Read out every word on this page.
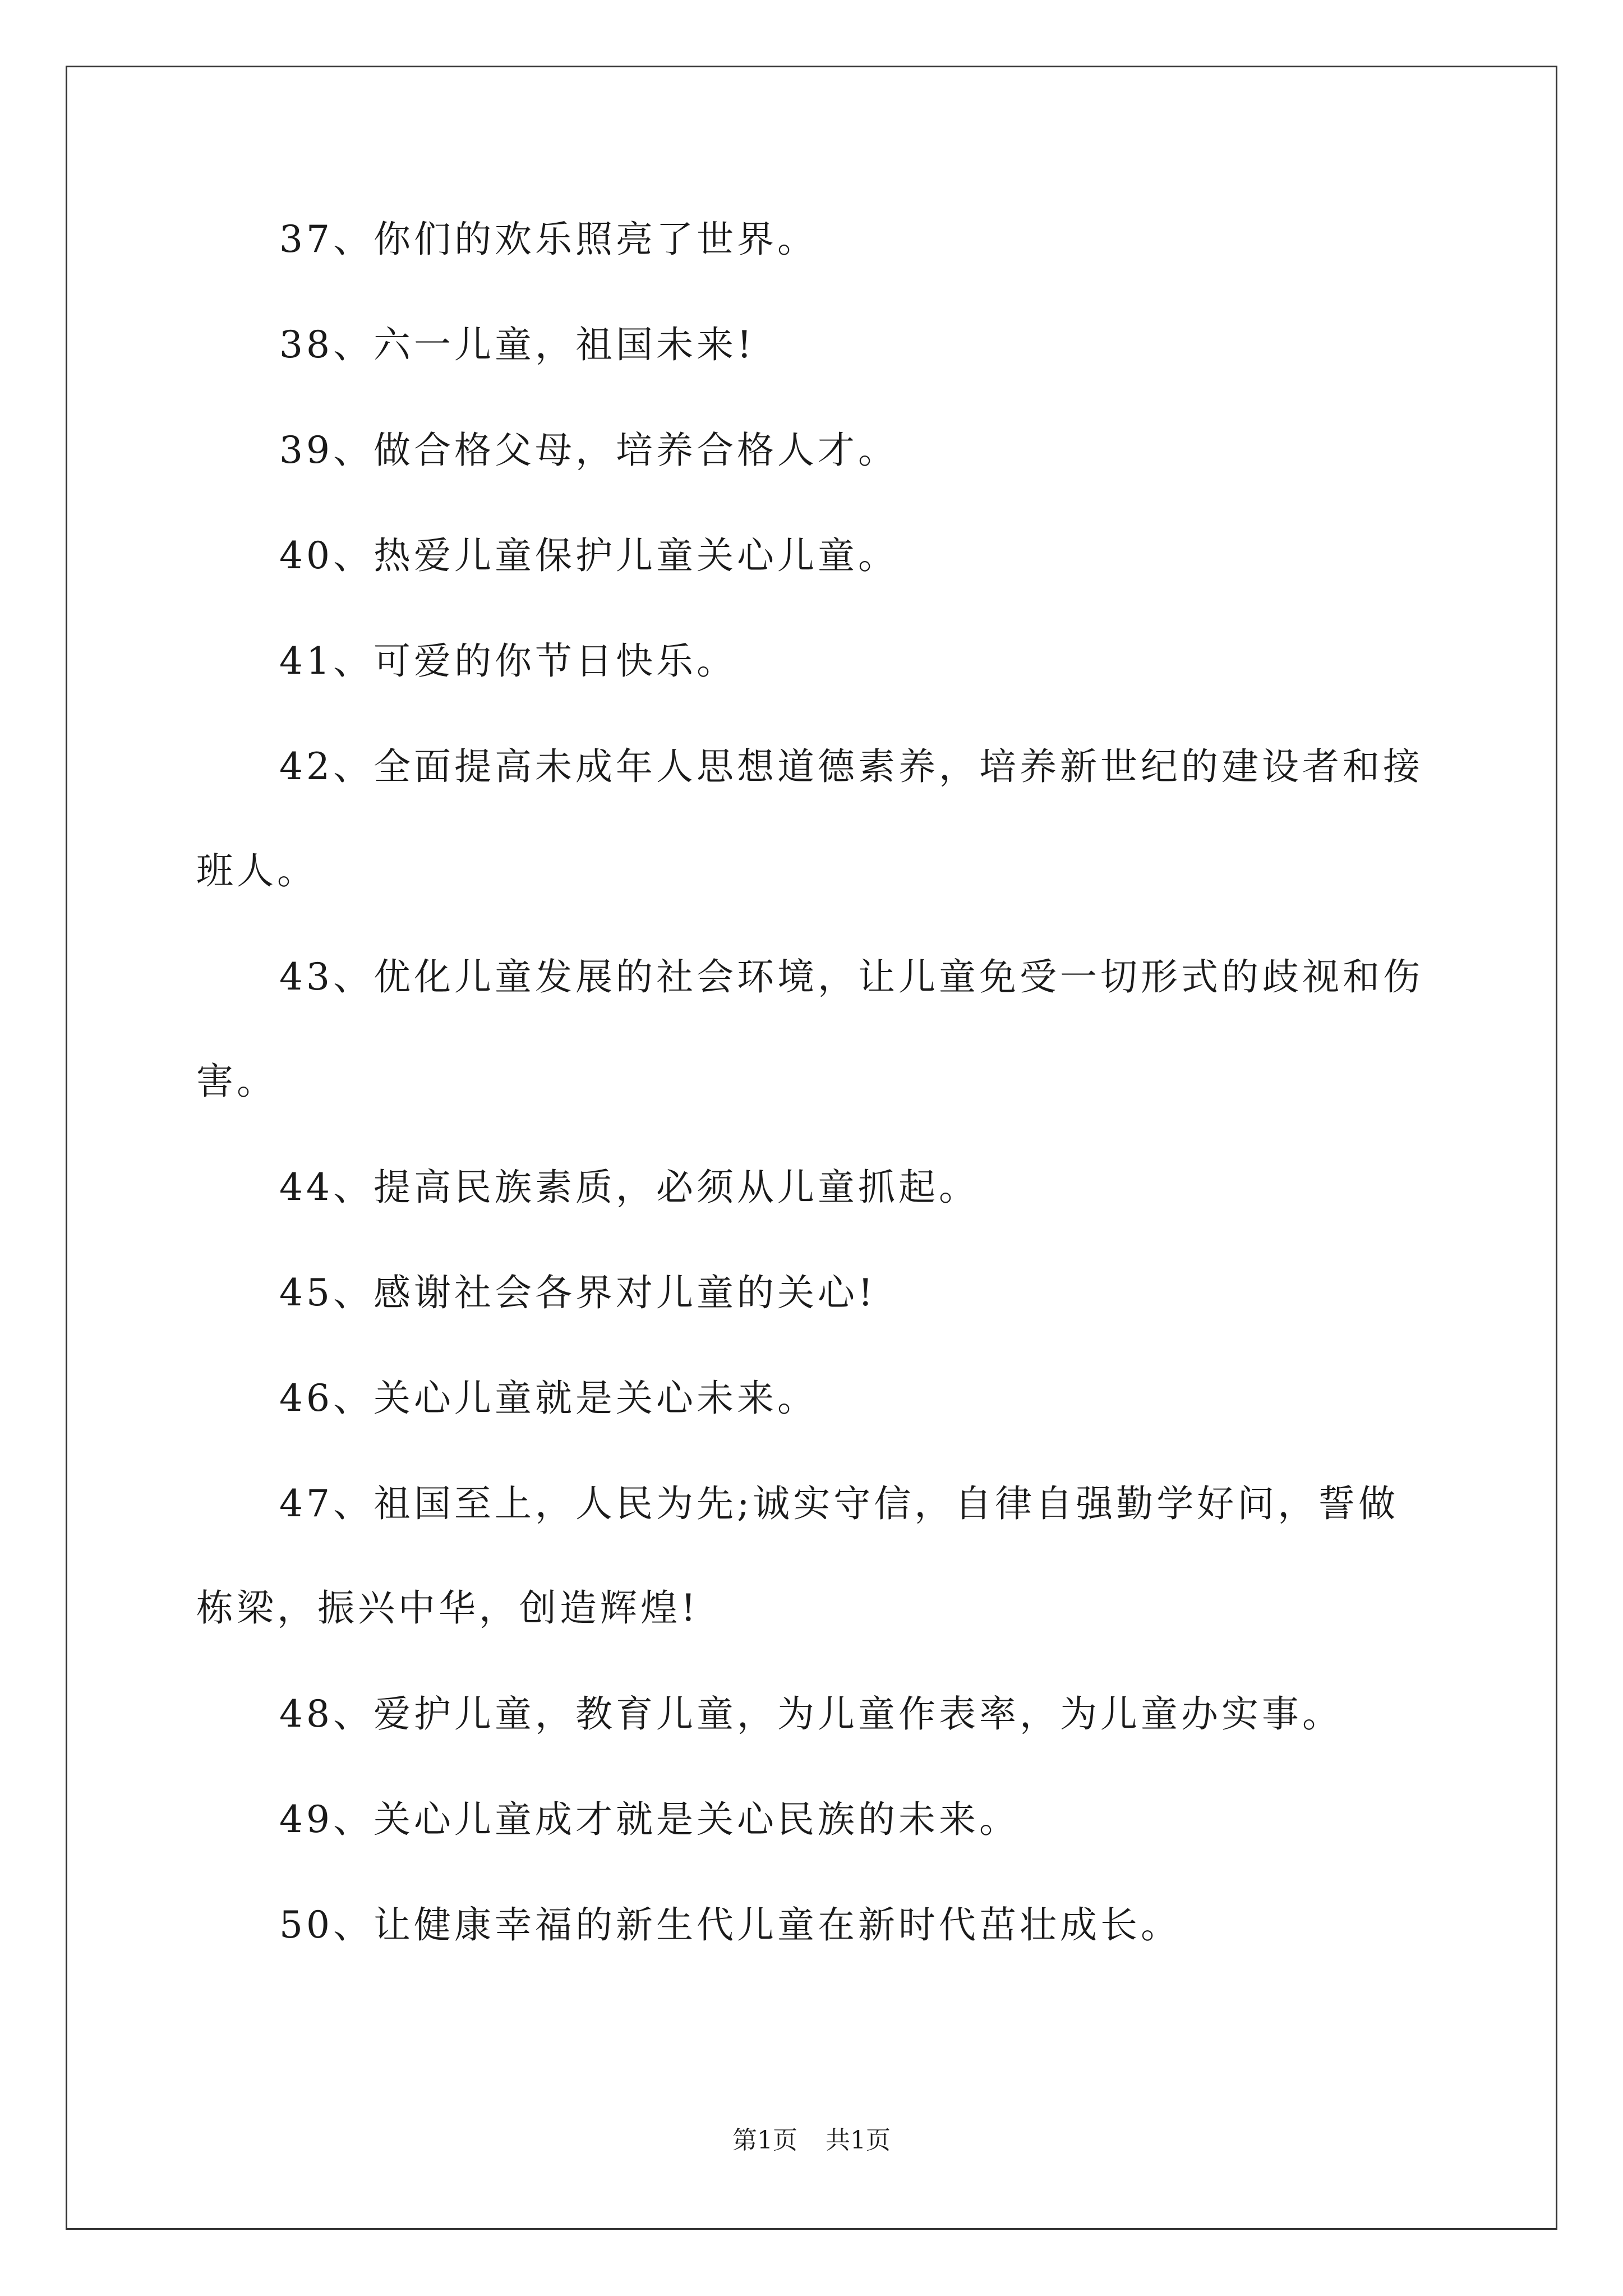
37、你们的欢乐照亮了世界。

38、六一儿童，祖国未来!

39、做合格父母，培养合格人才。

40、热爱儿童保护儿童关心儿童。

41、可爱的你节日快乐。

42、全面提高未成年人思想道德素养，培养新世纪的建设者和接班人。

43、优化儿童发展的社会环境，让儿童免受一切形式的歧视和伤害。

44、提高民族素质，必须从儿童抓起。

45、感谢社会各界对儿童的关心!

46、关心儿童就是关心未来。

47、祖国至上，人民为先;诚实守信，自律自强勤学好问，誓做栋梁，振兴中华，创造辉煌!

48、爱护儿童，教育儿童，为儿童作表率，为儿童办实事。

49、关心儿童成才就是关心民族的未来。

50、让健康幸福的新生代儿童在新时代茁壮成长。

第1页 共1页
